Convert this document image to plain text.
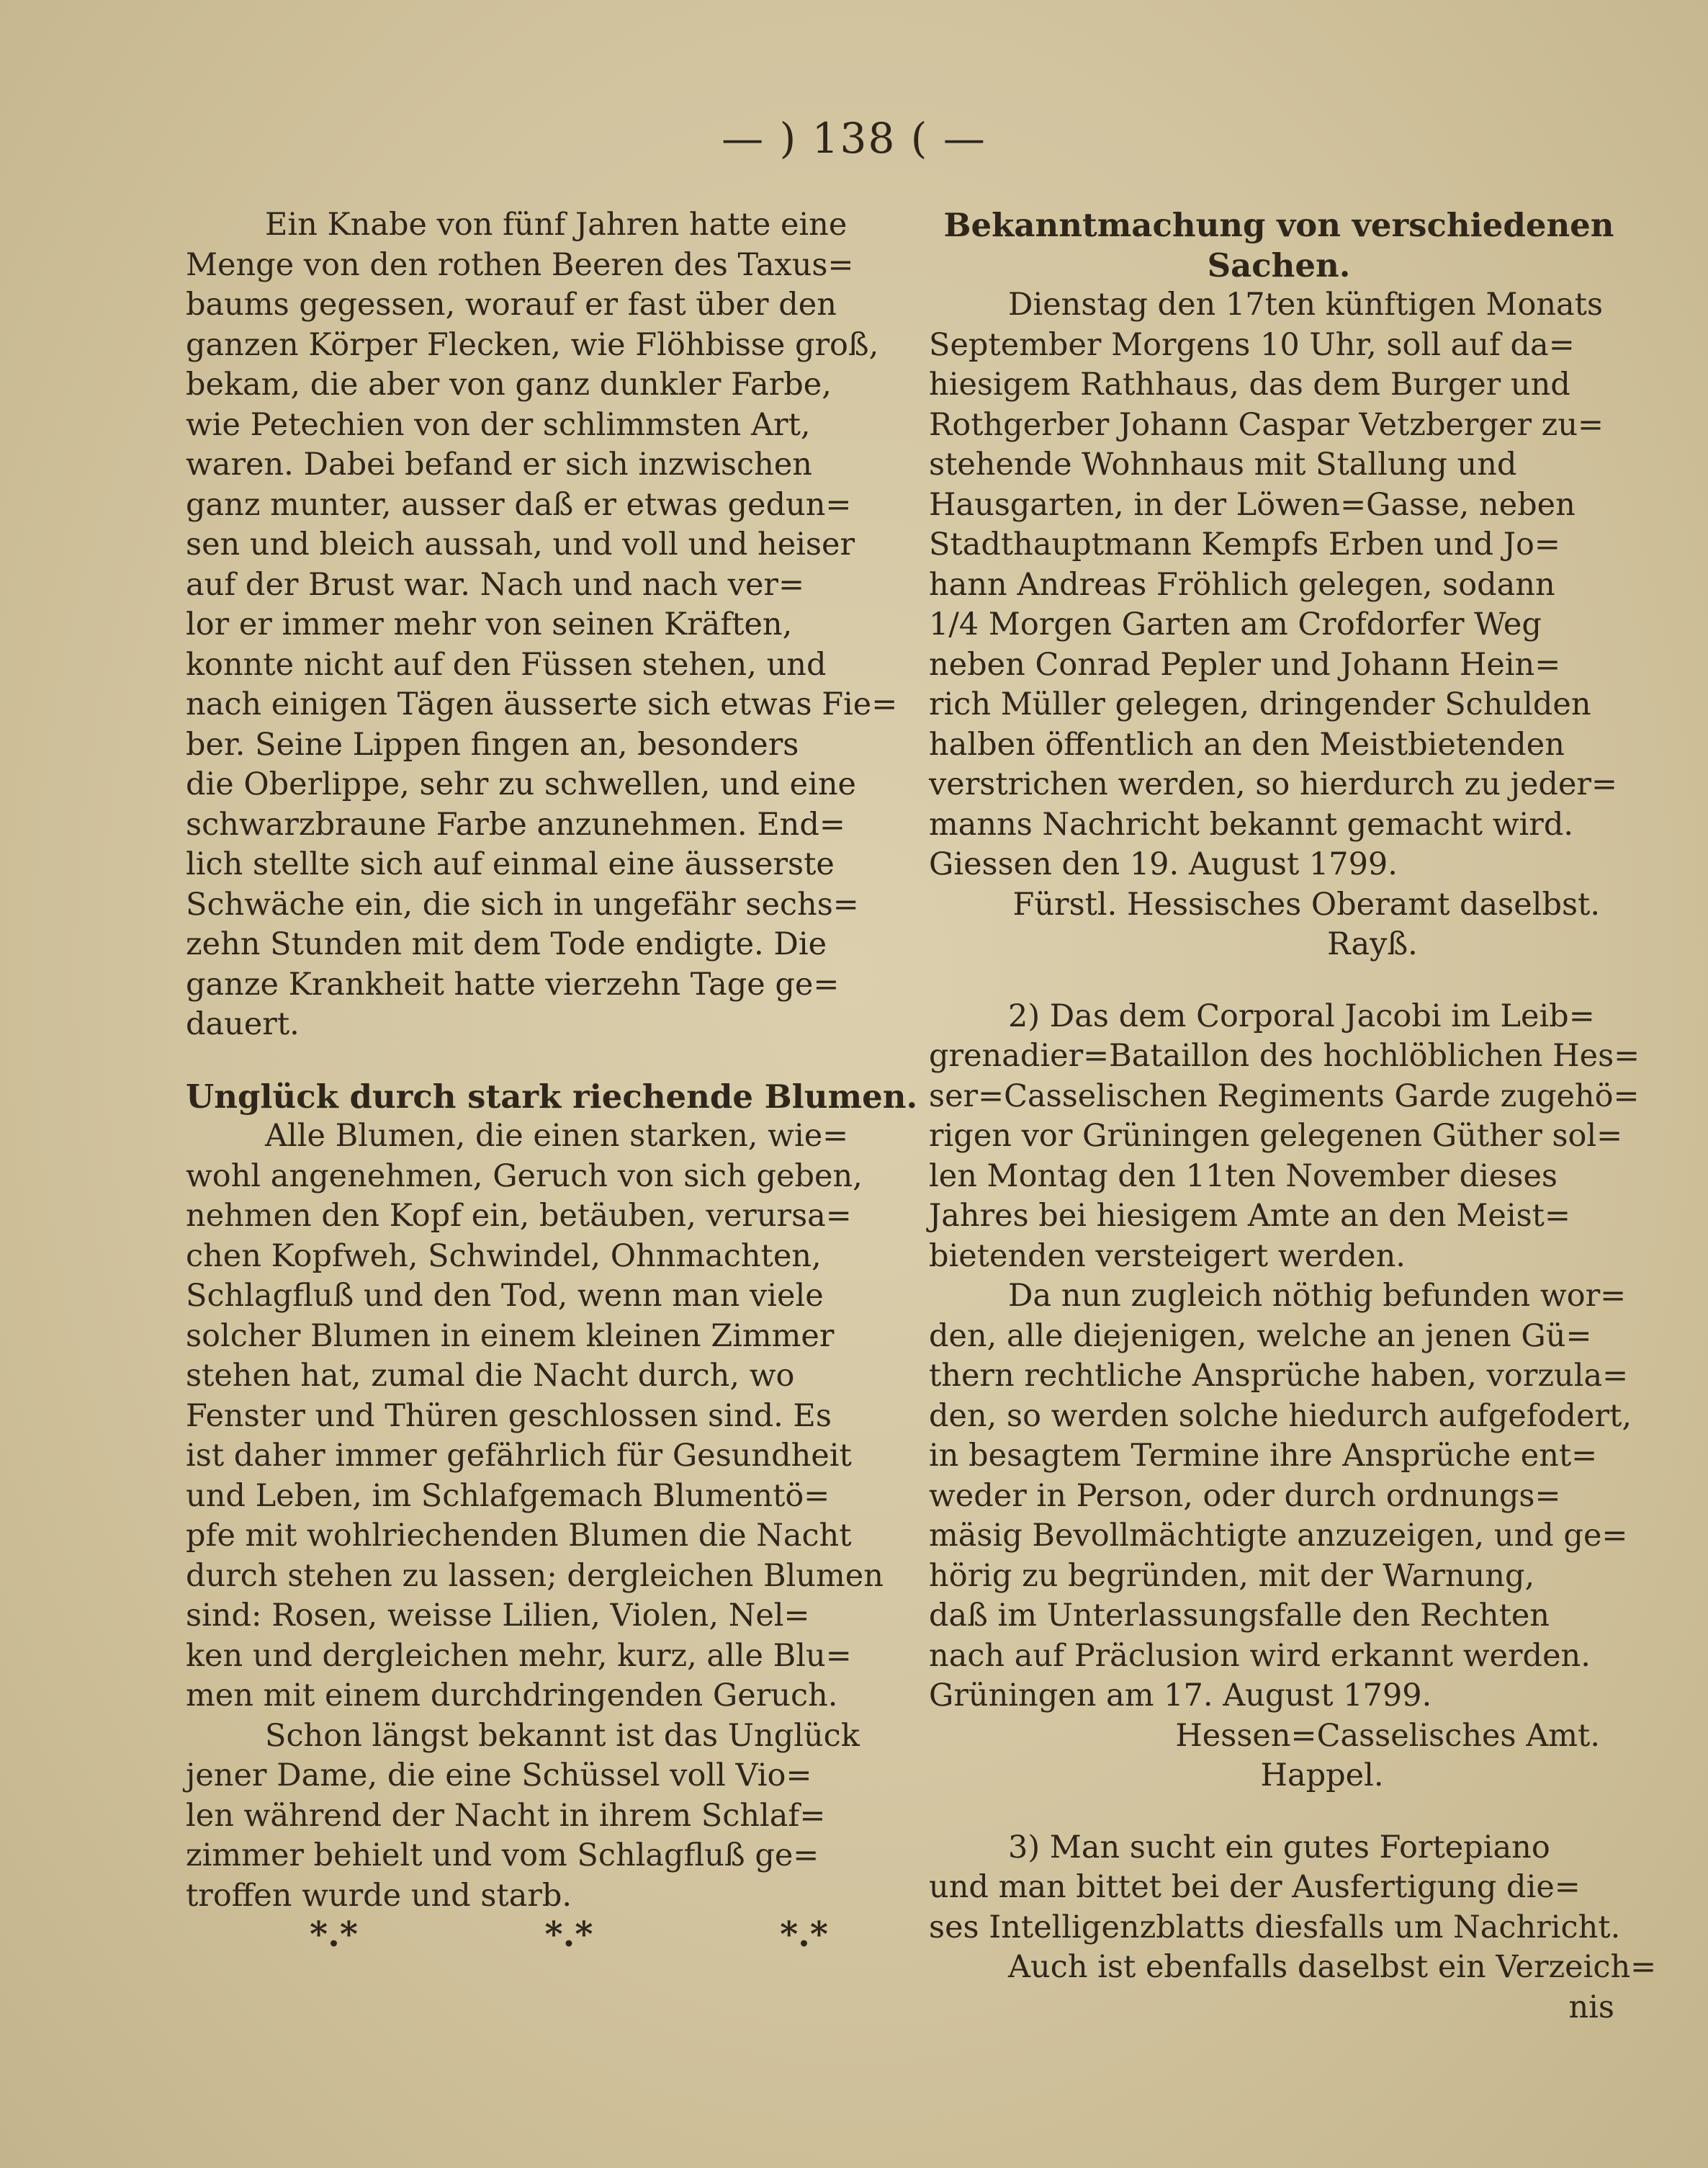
— ) 138 ( —
Ein Knabe von fünf Jahren hatte eine
Menge von den rothen Beeren des Taxus=
baums gegessen, worauf er fast über den
ganzen Körper Flecken, wie Flöhbisse groß,
bekam, die aber von ganz dunkler Farbe,
wie Petechien von der schlimmsten Art,
waren. Dabei befand er sich inzwischen
ganz munter, ausser daß er etwas gedun=
sen und bleich aussah, und voll und heiser
auf der Brust war. Nach und nach ver=
lor er immer mehr von seinen Kräften,
konnte nicht auf den Füssen stehen, und
nach einigen Tägen äusserte sich etwas Fie=
ber. Seine Lippen fingen an, besonders
die Oberlippe, sehr zu schwellen, und eine
schwarzbraune Farbe anzunehmen. End=
lich stellte sich auf einmal eine äusserste
Schwäche ein, die sich in ungefähr sechs=
zehn Stunden mit dem Tode endigte. Die
ganze Krankheit hatte vierzehn Tage ge=
dauert.
Unglück durch stark riechende Blumen.
Alle Blumen, die einen starken, wie=
wohl angenehmen, Geruch von sich geben,
nehmen den Kopf ein, betäuben, verursa=
chen Kopfweh, Schwindel, Ohnmachten,
Schlagfluß und den Tod, wenn man viele
solcher Blumen in einem kleinen Zimmer
stehen hat, zumal die Nacht durch, wo
Fenster und Thüren geschlossen sind. Es
ist daher immer gefährlich für Gesundheit
und Leben, im Schlafgemach Blumentö=
pfe mit wohlriechenden Blumen die Nacht
durch stehen zu lassen; dergleichen Blumen
sind: Rosen, weisse Lilien, Violen, Nel=
ken und dergleichen mehr, kurz, alle Blu=
men mit einem durchdringenden Geruch.
Schon längst bekannt ist das Unglück
jener Dame, die eine Schüssel voll Vio=
len während der Nacht in ihrem Schlaf=
zimmer behielt und vom Schlagfluß ge=
troffen wurde und starb.
*.*	*.*	*.*
Bekanntmachung von verschiedenen
Sachen.
Dienstag den 17ten künftigen Monats
September Morgens 10 Uhr, soll auf da=
hiesigem Rathhaus, das dem Burger und
Rothgerber Johann Caspar Vetzberger zu=
stehende Wohnhaus mit Stallung und
Hausgarten, in der Löwen=Gasse, neben
Stadthauptmann Kempfs Erben und Jo=
hann Andreas Fröhlich gelegen, sodann
1/4 Morgen Garten am Crofdorfer Weg
neben Conrad Pepler und Johann Hein=
rich Müller gelegen, dringender Schulden
halben öffentlich an den Meistbietenden
verstrichen werden, so hierdurch zu jeder=
manns Nachricht bekannt gemacht wird.
Giessen den 19. August 1799.
Fürstl. Hessisches Oberamt daselbst.
Rayß.
2) Das dem Corporal Jacobi im Leib=
grenadier=Bataillon des hochlöblichen Hes=
ser=Casselischen Regiments Garde zugehö=
rigen vor Grüningen gelegenen Güther sol=
len Montag den 11ten November dieses
Jahres bei hiesigem Amte an den Meist=
bietenden versteigert werden.
Da nun zugleich nöthig befunden wor=
den, alle diejenigen, welche an jenen Gü=
thern rechtliche Ansprüche haben, vorzula=
den, so werden solche hiedurch aufgefodert,
in besagtem Termine ihre Ansprüche ent=
weder in Person, oder durch ordnungs=
mäsig Bevollmächtigte anzuzeigen, und ge=
hörig zu begründen, mit der Warnung,
daß im Unterlassungsfalle den Rechten
nach auf Präclusion wird erkannt werden.
Grüningen am 17. August 1799.
Hessen=Casselisches Amt.
Happel.
3) Man sucht ein gutes Fortepiano
und man bittet bei der Ausfertigung die=
ses Intelligenzblatts diesfalls um Nachricht.
Auch ist ebenfalls daselbst ein Verzeich=
nis
